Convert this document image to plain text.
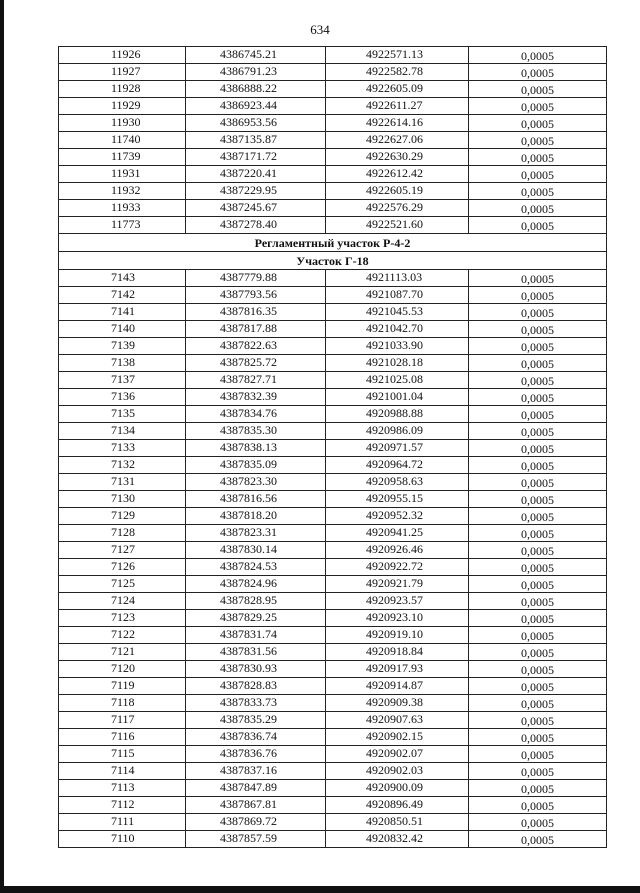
634
11926	4386745.21	4922571.13	0,0005
11927	4386791.23	4922582.78	0,0005
11928	4386888.22	4922605.09	0,0005
11929	4386923.44	4922611.27	0,0005
11930	4386953.56	4922614.16	0,0005
11740	4387135.87	4922627.06	0,0005
11739	4387171.72	4922630.29	0,0005
11931	4387220.41	4922612.42	0,0005
11932	4387229.95	4922605.19	0,0005
11933	4387245.67	4922576.29	0,0005
11773	4387278.40	4922521.60	0,0005
Регламентный участок Р-4-2			
Участок Г-18			
7143	4387779.88	4921113.03	0,0005
7142	4387793.56	4921087.70	0,0005
7141	4387816.35	4921045.53	0,0005
7140	4387817.88	4921042.70	0,0005
7139	4387822.63	4921033.90	0,0005
7138	4387825.72	4921028.18	0,0005
7137	4387827.71	4921025.08	0,0005
7136	4387832.39	4921001.04	0,0005
7135	4387834.76	4920988.88	0,0005
7134	4387835.30	4920986.09	0,0005
7133	4387838.13	4920971.57	0,0005
7132	4387835.09	4920964.72	0,0005
7131	4387823.30	4920958.63	0,0005
7130	4387816.56	4920955.15	0,0005
7129	4387818.20	4920952.32	0,0005
7128	4387823.31	4920941.25	0,0005
7127	4387830.14	4920926.46	0,0005
7126	4387824.53	4920922.72	0,0005
7125	4387824.96	4920921.79	0,0005
7124	4387828.95	4920923.57	0,0005
7123	4387829.25	4920923.10	0,0005
7122	4387831.74	4920919.10	0,0005
7121	4387831.56	4920918.84	0,0005
7120	4387830.93	4920917.93	0,0005
7119	4387828.83	4920914.87	0,0005
7118	4387833.73	4920909.38	0,0005
7117	4387835.29	4920907.63	0,0005
7116	4387836.74	4920902.15	0,0005
7115	4387836.76	4920902.07	0,0005
7114	4387837.16	4920902.03	0,0005
7113	4387847.89	4920900.09	0,0005
7112	4387867.81	4920896.49	0,0005
7111	4387869.72	4920850.51	0,0005
7110	4387857.59	4920832.42	0,0005
